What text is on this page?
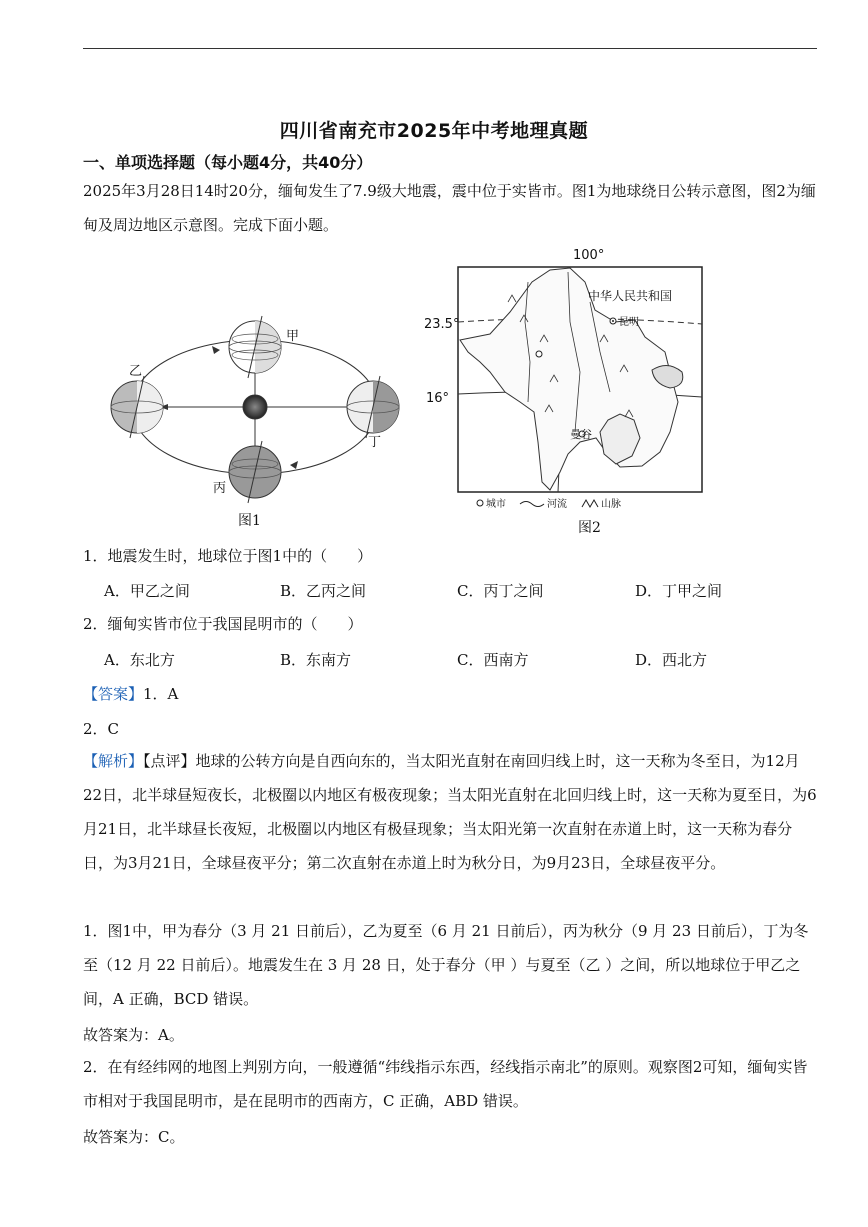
四川省南充市2025年中考地理真题
一、单项选择题（每小题4分，共40分）
2025年3月28日14时20分，缅甸发生了7.9级大地震，震中位于实皆市。图1为地球绕日公转示意图，图2为缅甸及周边地区示意图。完成下面小题。
甲
乙
丁
丙
图1
100°
23.5°
16°
中华人民共和国
昆明
曼谷
城市	河流	山脉
图2
1．地震发生时，地球位于图1中的（　　）
A．甲乙之间	B．乙丙之间	C．丙丁之间	D．丁甲之间
2．缅甸实皆市位于我国昆明市的（　　）
A．东北方	B．东南方	C．西南方	D．西北方
【答案】1．A
2．C
【解析】【点评】地球的公转方向是自西向东的，当太阳光直射在南回归线上时，这一天称为冬至日，为12月22日，北半球昼短夜长，北极圈以内地区有极夜现象；当太阳光直射在北回归线上时，这一天称为夏至日，为6月21日，北半球昼长夜短，北极圈以内地区有极昼现象；当太阳光第一次直射在赤道上时，这一天称为春分日，为3月21日，全球昼夜平分；第二次直射在赤道上时为秋分日，为9月23日，全球昼夜平分。
1．图1中，甲为春分（3 月 21 日前后），乙为夏至（6 月 21 日前后），丙为秋分（9 月 23 日前后），丁为冬至（12 月 22 日前后）。地震发生在 3 月 28 日，处于春分（甲 ）与夏至（乙 ）之间，所以地球位于甲乙之间，A 正确，BCD 错误。
故答案为：A。
2．在有经纬网的地图上判别方向，一般遵循“纬线指示东西，经线指示南北”的原则。观察图2可知，缅甸实皆市相对于我国昆明市，是在昆明市的西南方，C 正确，ABD 错误。
故答案为：C。
